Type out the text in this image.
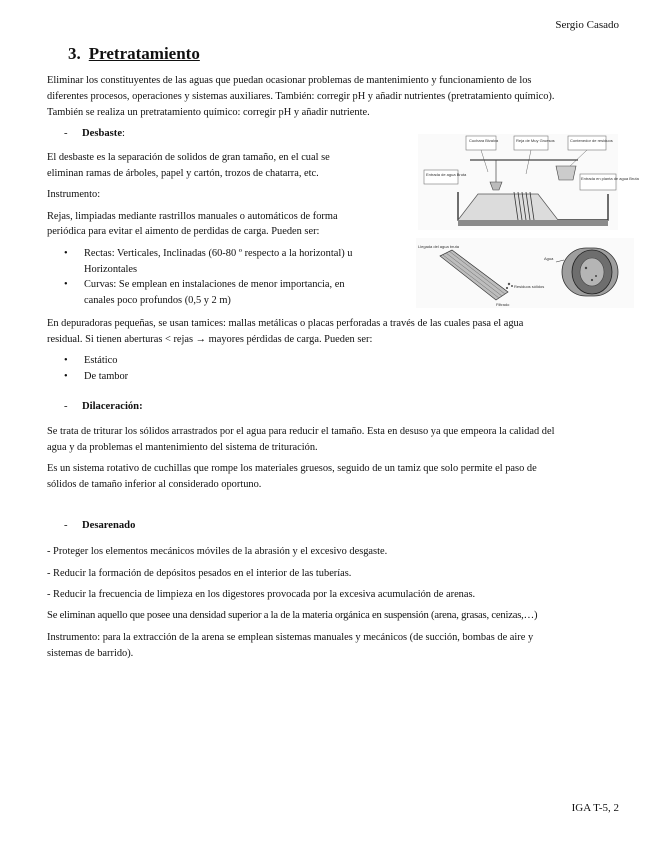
Sergio Casado
3. Pretratamiento

Eliminar los constituyentes de las aguas que puedan ocasionar problemas de mantenimiento y funcionamiento de los

diferentes procesos, operaciones y sistemas auxiliares. También: corregir pH y añadir nutrientes (pretratamiento químico).

También se realiza un pretratamiento químico: corregir pH y añadir nutriente.

- Desbaste:

El desbaste es la separación de solidos de gran tamaño, en el cual se

eliminan ramas de árboles, papel y cartón, trozos de chatarra, etc.

Instrumento:

Rejas, limpiadas mediante rastrillos manuales o automáticos de forma

periódica para evitar el aimento de perdidas de carga. Pueden ser:

• Rectas: Verticales, Inclinadas (60-80 º respecto a la horizontal) u
Horizontales
• Curvas: Se emplean en instalaciones de menor importancia, en
canales poco profundos (0,5 y 2 m)

En depuradoras pequeñas, se usan tamices: mallas metálicas o placas perforadas a través de las cuales pasa el agua

residual. Si tienen aberturas < rejas → mayores pérdidas de carga. Pueden ser:

• Estático
• De tambor
Cuchara Bivalva	Reja de Muy Gruesos	Contenedor de residuos
Entrada de agua Bruta
Entrada en planta de agua Bruta
Llegada del agua bruta
Residuos sólidos
Filtrado
Agua
- Dilaceración:

Se trata de triturar los sólidos arrastrados por el agua para reducir el tamaño. Esta en desuso ya que empeora la calidad del

agua y da problemas el mantenimiento del sistema de trituración.

Es un sistema rotativo de cuchillas que rompe los materiales gruesos, seguido de un tamiz que solo permite el paso de

sólidos de tamaño inferior al considerado oportuno.

- Desarenado

- Proteger los elementos mecánicos móviles de la abrasión y el excesivo desgaste.

- Reducir la formación de depósitos pesados en el interior de las tuberías.

- Reducir la frecuencia de limpieza en los digestores provocada por la excesiva acumulación de arenas.

Se eliminan aquello que posee una densidad superior a la de la materia orgánica en suspensión (arena, grasas, cenizas,…)

Instrumento: para la extracción de la arena se emplean sistemas manuales y mecánicos (de succión, bombas de aire y

sistemas de barrido).

IGA T-5, 2
